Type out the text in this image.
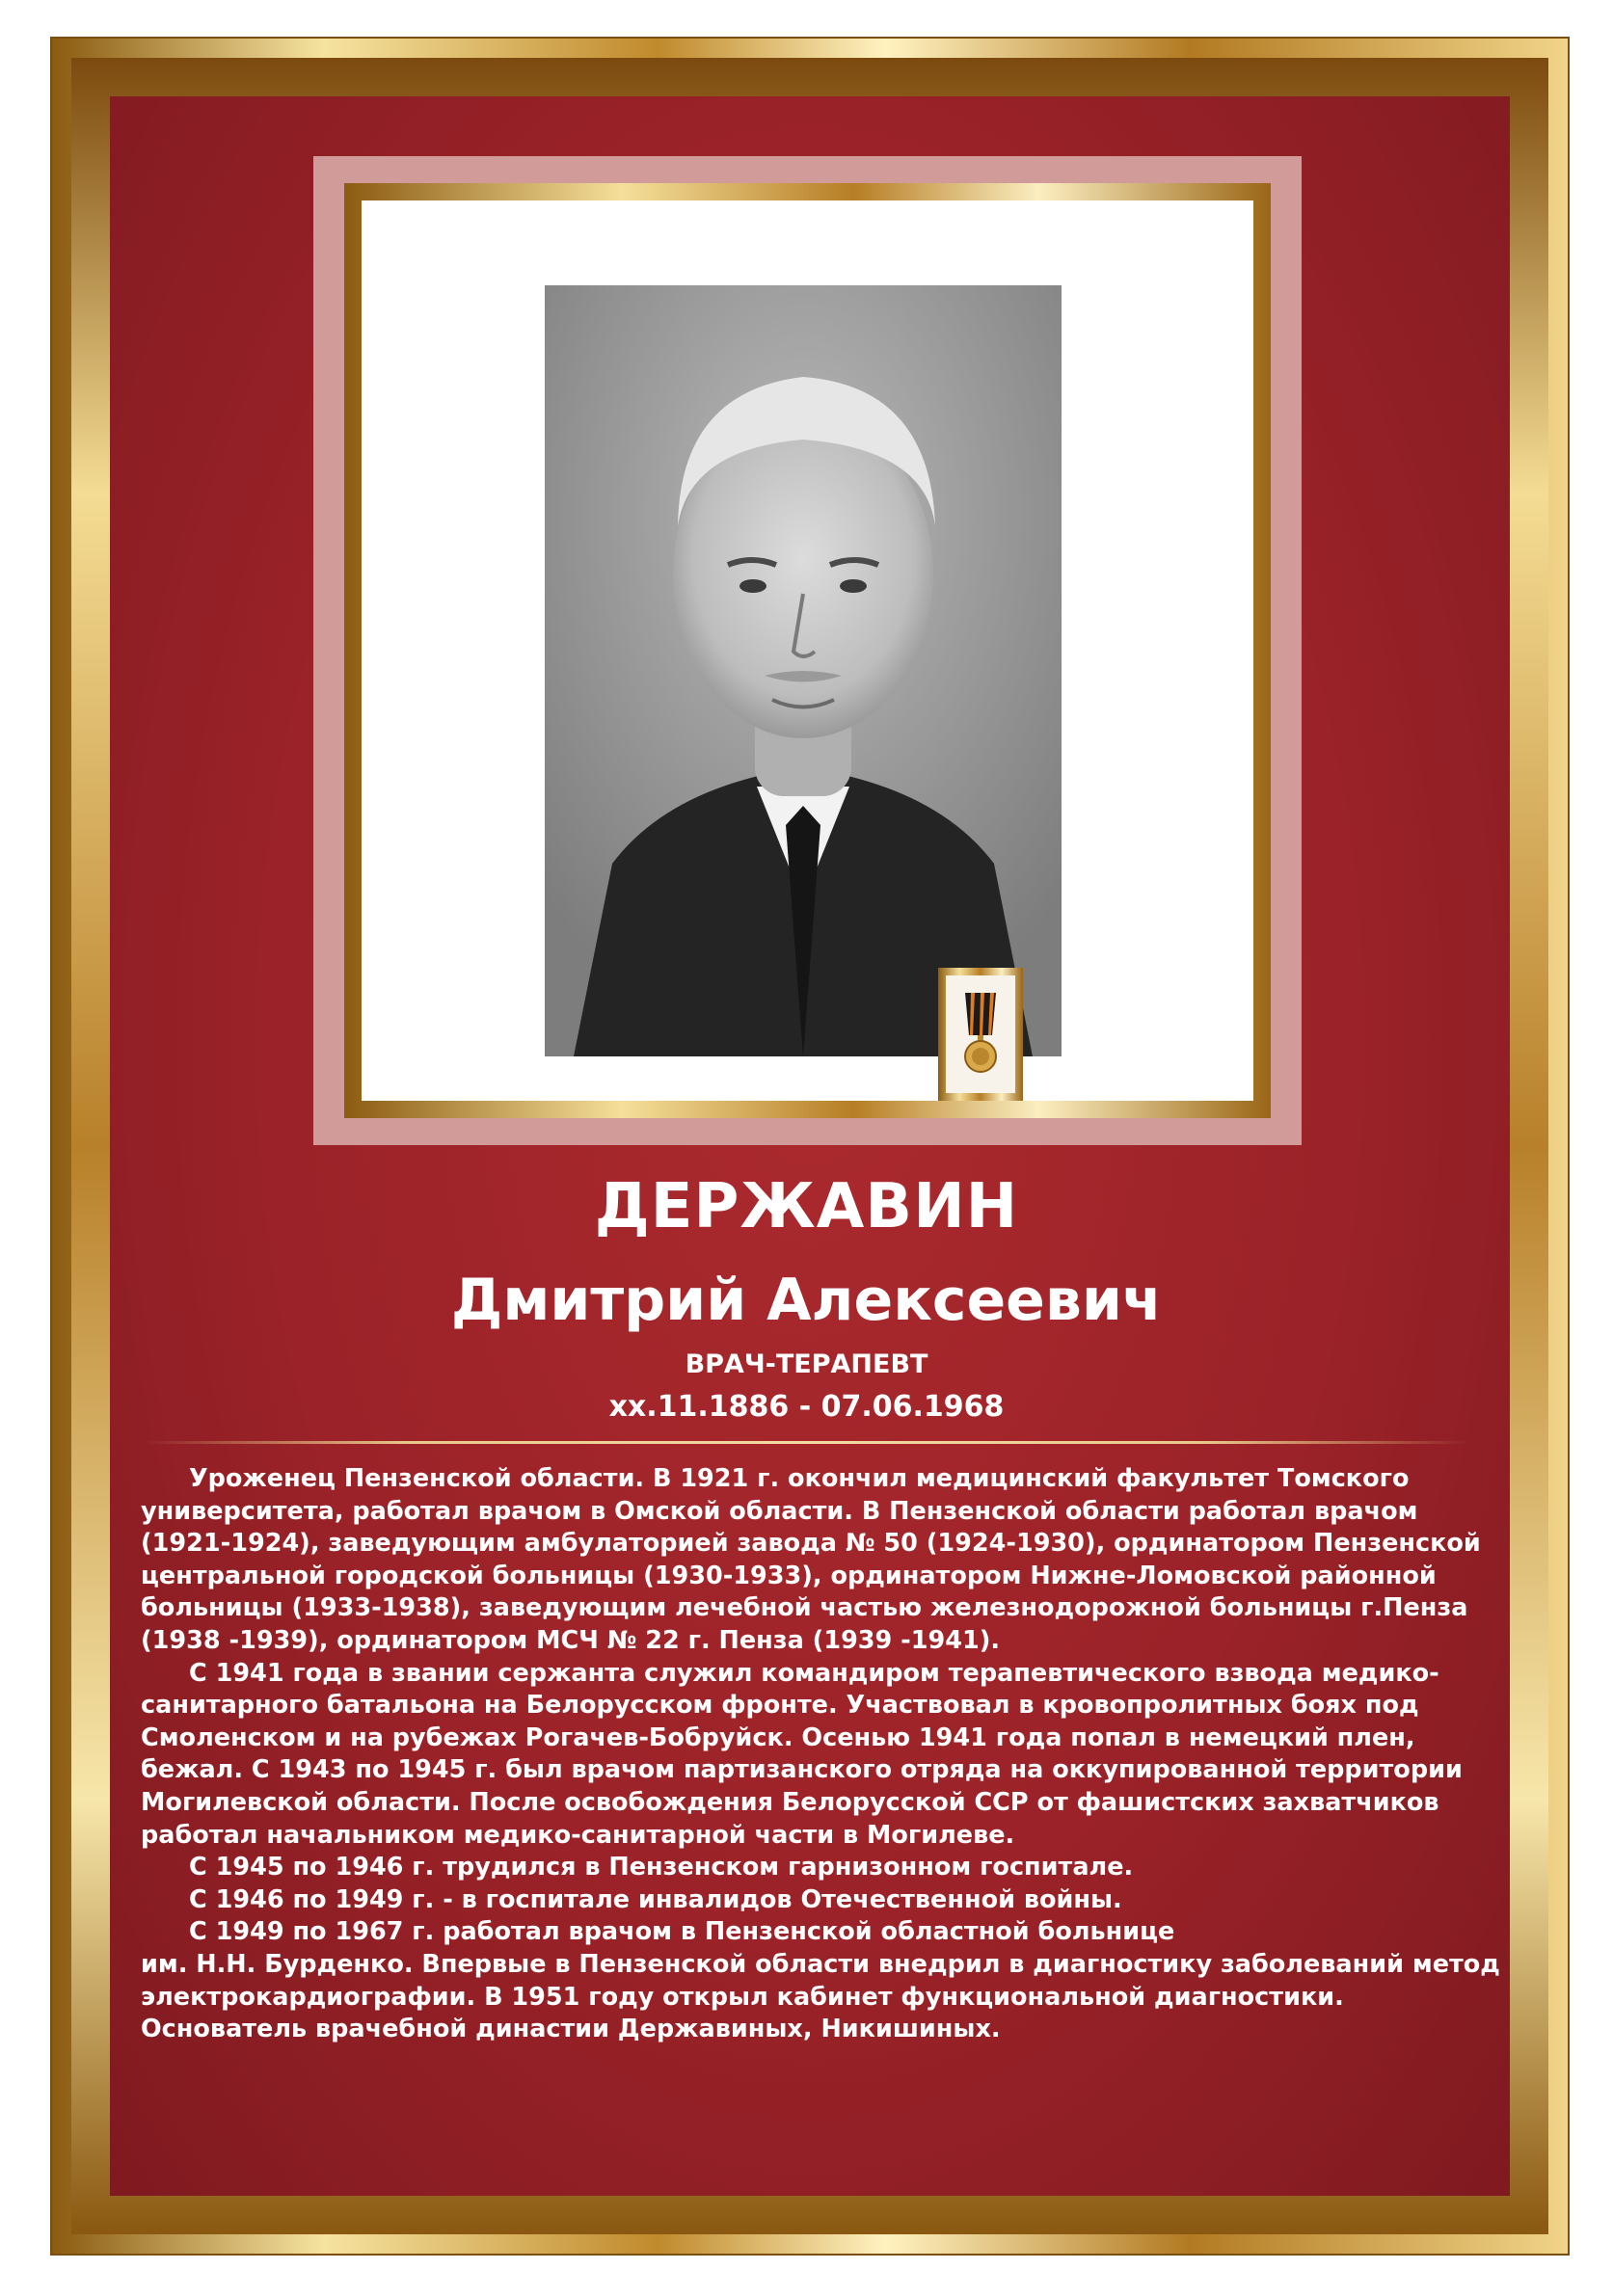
ДЕРЖАВИН
Дмитрий Алексеевич
ВРАЧ-ТЕРАПЕВТ
хх.11.1886 - 07.06.1968
Уроженец Пензенской области. В 1921 г. окончил медицинский факультет Томского
университета, работал врачом в Омской области. В Пензенской области работал врачом
(1921-1924), заведующим амбулаторией завода № 50 (1924-1930), ординатором Пензенской
центральной городской больницы (1930-1933), ординатором Нижне-Ломовской районной
больницы (1933-1938), заведующим лечебной частью железнодорожной больницы г.Пенза
(1938 -1939), ординатором МСЧ № 22 г. Пенза (1939 -1941).
С 1941 года в звании сержанта служил командиром терапевтического взвода медико-
санитарного батальона на Белорусском фронте. Участвовал в кровопролитных боях под
Смоленском и на рубежах Рогачев-Бобруйск. Осенью 1941 года попал в немецкий плен,
бежал. С 1943 по 1945 г. был врачом партизанского отряда на оккупированной территории
Могилевской области. После освобождения Белорусской ССР от фашистских захватчиков
работал начальником медико-санитарной части в Могилеве.
С 1945 по 1946 г. трудился в Пензенском гарнизонном госпитале.
С 1946 по 1949 г. - в госпитале инвалидов Отечественной войны.
С 1949 по 1967 г. работал врачом в Пензенской областной больнице
им. Н.Н. Бурденко. Впервые в Пензенской области внедрил в диагностику заболеваний метод
электрокардиографии. В 1951 году открыл кабинет функциональной диагностики.
Основатель врачебной династии Державиных, Никишиных.
